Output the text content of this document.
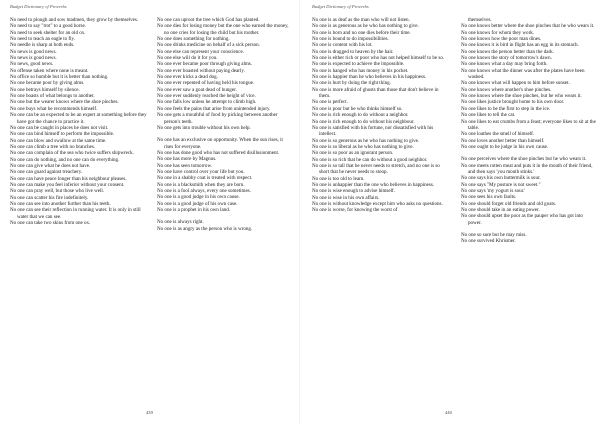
Budget Dictionary of Proverbs

No need to plough and sow madmen, they grow by themselves.

No need to say "trot" to a good horse.

No need to seek shelter for an old ox.

No need to teach an eagle to fly.

No needle is sharp at both ends.

No news is good news.

No news is good news.

No news, good news.

No offense taken where none is meant.

No office so humble but it is better than nothing.

No one became poor by giving alms.

No one betrays himself by silence.

No one boasts of what belongs to another.

No one but the wearer knows where the shoe pinches.

No one buys what he recommends himself.

No one can be an expected to be an expert at something before they have got the chance to practice it.

No one can be caught in places he does not visit.

No one can bind himself to perform the impossible.

No one can blow and swallow at the same time.

No one can climb a tree with no branches.

No one can complain of the sea who twice suffers shipwreck.

No one can do nothing, and no one can do everything.

No one can give what he does not have.

No one can guard against treachery.

No one can have peace longer than his neighbour pleases.

No one can make you feel inferior without your consent.

No one can pray well, but those who live well.

No one can scatter his fire indefinitely.

No one can see into another further than his teeth.

No one can see their reflection in running water. It is only in still water that we can see.

No one can take two skins from one ox.

No one can uproot the tree which God has planted.

No one dies for losing money but the one who earned the money, no one cries for losing the child but his mother.

No one does something for nothing.

No one drinks medicine on behalf of a sick person.

No one else can represent your conscience.

No one else will do it for you.

No one ever became poor through giving alms.

No one ever boasted without paying dearly.

No one ever kicks a dead dog.

No one ever repented of having held his tongue.

No one ever saw a goat dead of hunger.

No one ever suddenly reached the height of vice.

No one falls low unless he attempt to climb high.

No one feels the pains that arise from unintended injury.

No one gets a mouthful of food by picking between another person's teeth.

No one gets into trouble without his own help.

No one has an exclusive on opportunity. When the sun rises, it rises for everyone.

No one has done good who has not suffered disillusionment.

No one has more by Magnus.

No one has seen tomorrow.

No one have control over your life but you.

No one in a shabby coat is treated with respect.

No one is a blacksmith when they are born.

No one is a fool always, every one sometimes.

No one is a good judge in his own cause.

No one is a good judge of his own case.

No one is a prophet in his own land.

No one is always right.

No one is as angry as the person who is wrong.

439
Budget Dictionary of Proverbs

No one is as deaf as the man who will not listen.

No one is as generous as he who has nothing to give.

No one is born and no one dies before their time.

No one is bound to do impossibilities.

No one is content with his lot.

No one is dragged to heaven by the hair.

No one is either rich or poor who has not helped himself to be so.

No one is expected to achieve the impossible.

No one is hanged who has money in his pocket.

No one is happier than he who believes in his happiness.

No one is hurt by doing the right thing.

No one is more afraid of ghosts than those that don't believe in them.

No one is perfect.

No one is poor but he who thinks himself so.

No one is rich enough to do without a neighbor.

No one is rich enough to do without his neighbour.

No one is satisfied with his fortune, nor dissatisfied with his intellect.

No one is so generous as he who has nothing to give.

No one is so liberal as he who has nothing to give.

No one is so poor as an ignorant person.

No one is so rich that he can do without a good neighbor.

No one is so tall that he never needs to stretch, and no one is so short that he never needs to stoop.

No one is too old to learn.

No one is unhappier than the one who believes in happiness.

No one is wise enough to advise himself.

No one is wise in his own affairs.

No one is without knowledge except him who asks no questions.

No one is worse, for knowing the worst of

themselves.

No one knows better where the shoe pinches that he who wears it.

No one knows for whom they work.

No one knows how the poor man dines.

No one knows it is bird in flight has an egg in its stomach.

No one knows the person better than the dark.

No one knows the story of tomorrow's dawn.

No one knows what a day may bring forth.

No one knows what the dinner was after the plates have been washed.

No one knows what will happen to him before sunset.

No one knows where another's shoe pinches.

No one knows where the shoe pinches, but he who wears it.

No one likes justice brought home to his own door.

No one likes to be the first to step in the ice.

No one likes to tell the cat.

No one likes to eat crumbs from a feast; everyone likes to sit at the table.

No one loathes the smell of himself.

No one loves another better than himself.

No one ought to be judge in his own cause.

No one perceives where the shoe pinches but he who wears it.

No one meets rotten meat and puts it in the mouth of their friend, and then says 'you mouth stinks.'

No one says his own buttermilk is sour.

No one says "My posture is not sweet."

No one says 'my yogurt is sour.'

No one sees his own faults.

No one should forget old friends and old goats.

No one should take in an eating power.

No one should upset the poor as the pauper who has got into power.

No one so sure but he may miss.

No one survived Khrismer.

440
